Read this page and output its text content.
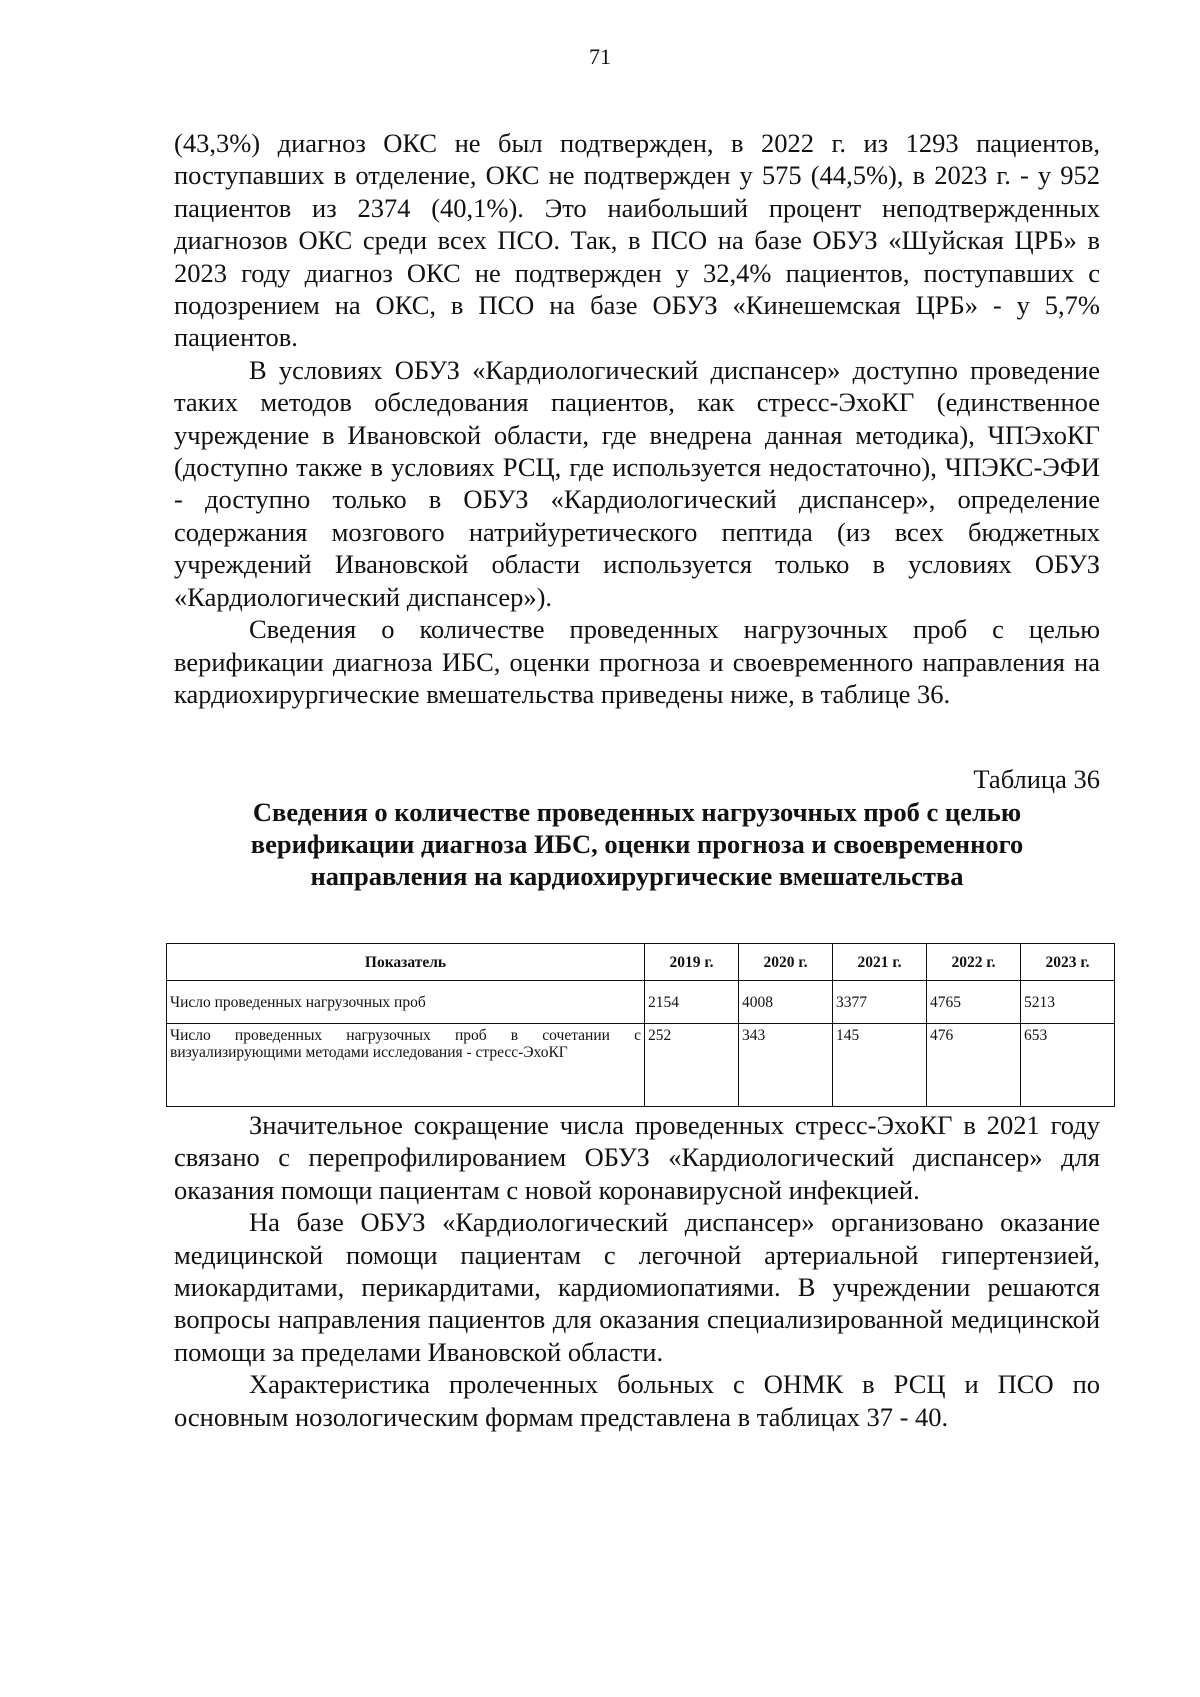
71

(43,3%) диагноз ОКС не был подтвержден, в 2022 г. из 1293 пациентов, поступавших в отделение, ОКС не подтвержден у 575 (44,5%), в 2023 г. - у 952 пациентов из 2374 (40,1%). Это наибольший процент неподтвержденных диагнозов ОКС среди всех ПСО. Так, в ПСО на базе ОБУЗ «Шуйская ЦРБ» в 2023 году диагноз ОКС не подтвержден у 32,4% пациентов, поступавших с подозрением на ОКС, в ПСО на базе ОБУЗ «Кинешемская ЦРБ» - у 5,7% пациентов.

В условиях ОБУЗ «Кардиологический диспансер» доступно проведение таких методов обследования пациентов, как стресс-ЭхоКГ (единственное учреждение в Ивановской области, где внедрена данная методика), ЧПЭхоКГ (доступно также в условиях РСЦ, где используется недостаточно), ЧПЭКС-ЭФИ - доступно только в ОБУЗ «Кардиологический диспансер», определение содержания мозгового натрийуретического пептида (из всех бюджетных учреждений Ивановской области используется только в условиях ОБУЗ «Кардиологический диспансер»).

Сведения о количестве проведенных нагрузочных проб с целью верификации диагноза ИБС, оценки прогноза и своевременного направления на кардиохирургические вмешательства приведены ниже, в таблице 36.

Таблица 36
Сведения о количестве проведенных нагрузочных проб с целью верификации диагноза ИБС, оценки прогноза и своевременного направления на кардиохирургические вмешательства
Показатель	2019 г.	2020 г.	2021 г.	2022 г.	2023 г.
Число проведенных нагрузочных проб	2154	4008	3377	4765	5213
Число проведенных нагрузочных проб в сочетании с визуализирующими методами исследования - стресс-ЭхоКГ	252	343	145	476	653

Значительное сокращение числа проведенных стресс-ЭхоКГ в 2021 году связано с перепрофилированием ОБУЗ «Кардиологический диспансер» для оказания помощи пациентам с новой коронавирусной инфекцией.

На базе ОБУЗ «Кардиологический диспансер» организовано оказание медицинской помощи пациентам с легочной артериальной гипертензией, миокардитами, перикардитами, кардиомиопатиями. В учреждении решаются вопросы направления пациентов для оказания специализированной медицинской помощи за пределами Ивановской области.

Характеристика пролеченных больных с ОНМК в РСЦ и ПСО по основным нозологическим формам представлена в таблицах 37 - 40.
